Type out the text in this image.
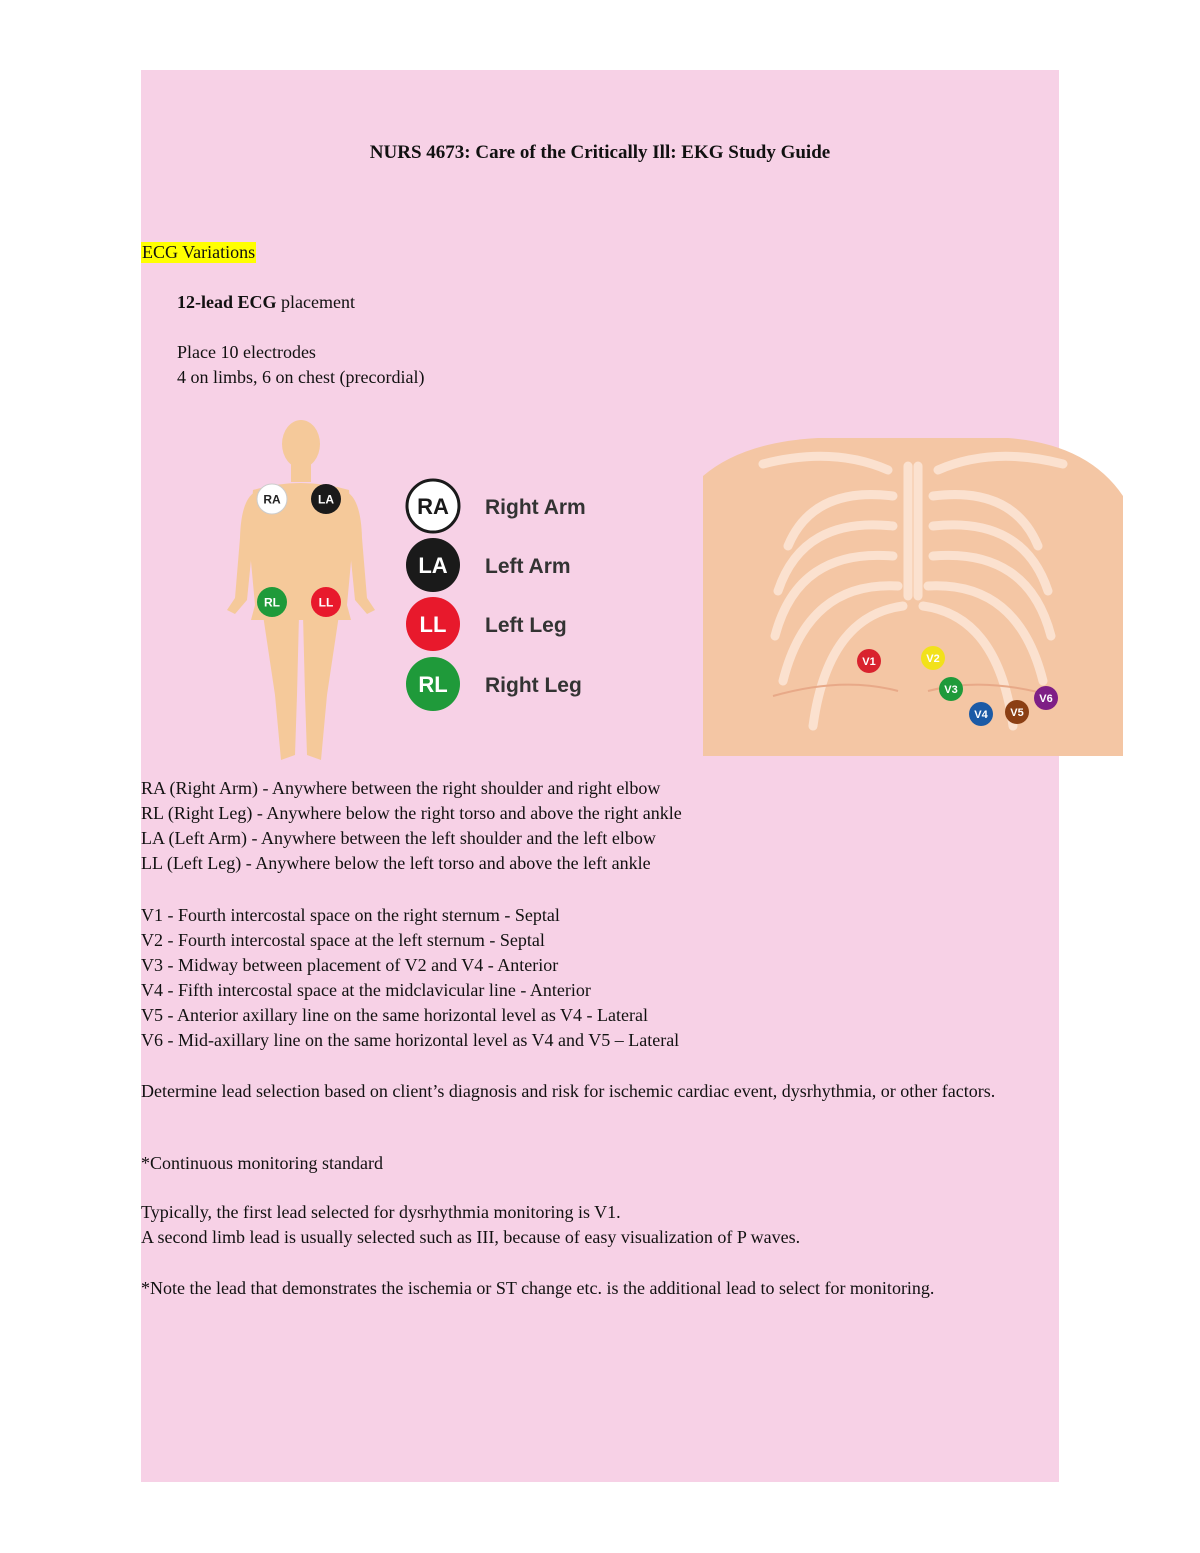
NURS 4673: Care of the Critically Ill: EKG Study Guide
ECG Variations
12-lead ECG placement
Place 10 electrodes
4 on limbs, 6 on chest (precordial)
RA	LA
RL	LL
RA Right Arm
LA Left Arm
LL Left Leg
RL Right Leg
V1	V2
V3
V4 V5
V6
RA (Right Arm) - Anywhere between the right shoulder and right elbow
RL (Right Leg) - Anywhere below the right torso and above the right ankle
LA (Left Arm) - Anywhere between the left shoulder and the left elbow
LL (Left Leg) - Anywhere below the left torso and above the left ankle
V1 - Fourth intercostal space on the right sternum - Septal
V2 - Fourth intercostal space at the left sternum - Septal
V3 - Midway between placement of V2 and V4 - Anterior
V4 - Fifth intercostal space at the midclavicular line - Anterior
V5 - Anterior axillary line on the same horizontal level as V4 - Lateral
V6 - Mid-axillary line on the same horizontal level as V4 and V5 – Lateral
Determine lead selection based on client’s diagnosis and risk for ischemic cardiac event, dysrhythmia, or other factors.
*Continuous monitoring standard
Typically, the first lead selected for dysrhythmia monitoring is V1.
A second limb lead is usually selected such as III, because of easy visualization of P waves.
*Note the lead that demonstrates the ischemia or ST change etc. is the additional lead to select for monitoring.
